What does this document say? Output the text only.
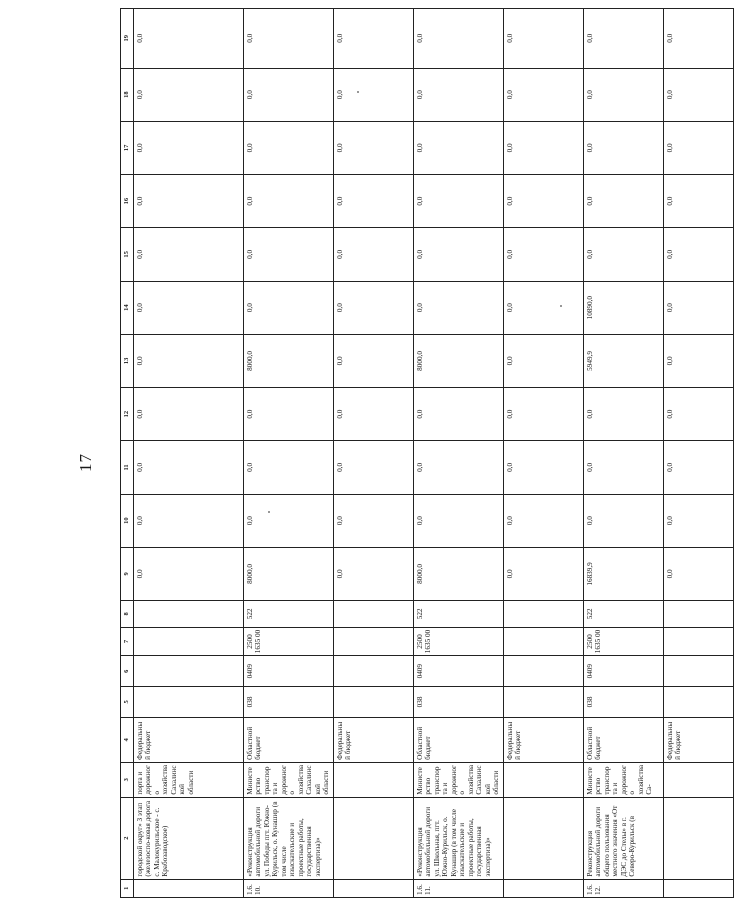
17
1	2	3	4	5	6	7	8	9	10	11	12	13	14	15	16	17	18	19
	городской округ» 3 этап (железоспо-ковая дорога с. Малокурильское - с. Крабозаводское)	порта и дорожного хозяйства Сахалинской области	Федеральный бюджет					0,0	0,0	0,0	0,0	0,0	0,0	0,0	0,0	0,0	0,0	0,0
1.6.10.	«Реконструкция автомобильной дороги ул. Победы пгт. Южно-Курильск, о. Кунашир (в том числе изыскательские и проектные работы, государственная экспертиза)»	Министерство транспорта и дорожного хозяйства Сахалинской области	Областной бюджет	038	0409	2500 1635 00	522	8000,0	0,0	0,0	0,0	8000,0	0,0	0,0	0,0	0,0	0,0	0,0
			Федеральный бюджет					0,0	0,0	0,0	0,0	0,0	0,0	0,0	0,0	0,0	0,0	0,0
1.6.11.	«Реконструкция автомобильной дороги ул. Школьная, пгт. Южно-Курильск, о. Кунашир (в том числе изыскательские и проектные работы, государственная экспертиза)»	Министерство транспорта и дорожного хозяйства Сахалинской области	Областной бюджет	038	0409	2500 1635 00	522	8000,0	0,0	0,0	0,0	8000,0	0,0	0,0	0,0	0,0	0,0	0,0
			Федеральный бюджет					0,0	0,0	0,0	0,0	0,0	0,0	0,0	0,0	0,0	0,0	0,0
1.6.12.	Реконструкция автомобильной дороги общего пользования местного значения «От ДЭС до Стелы» в г. Северо-Курильск (в	Министерство транспорта и дорожного хозяйства Са-	Областной бюджет	038	0409	2500 1635 00	522	16839,9	0,0	0,0	0,0	5949,9	10890,0	0,0	0,0	0,0	0,0	0,0
			Федеральный бюджет					0,0	0,0	0,0	0,0	0,0	0,0	0,0	0,0	0,0	0,0	0,0
